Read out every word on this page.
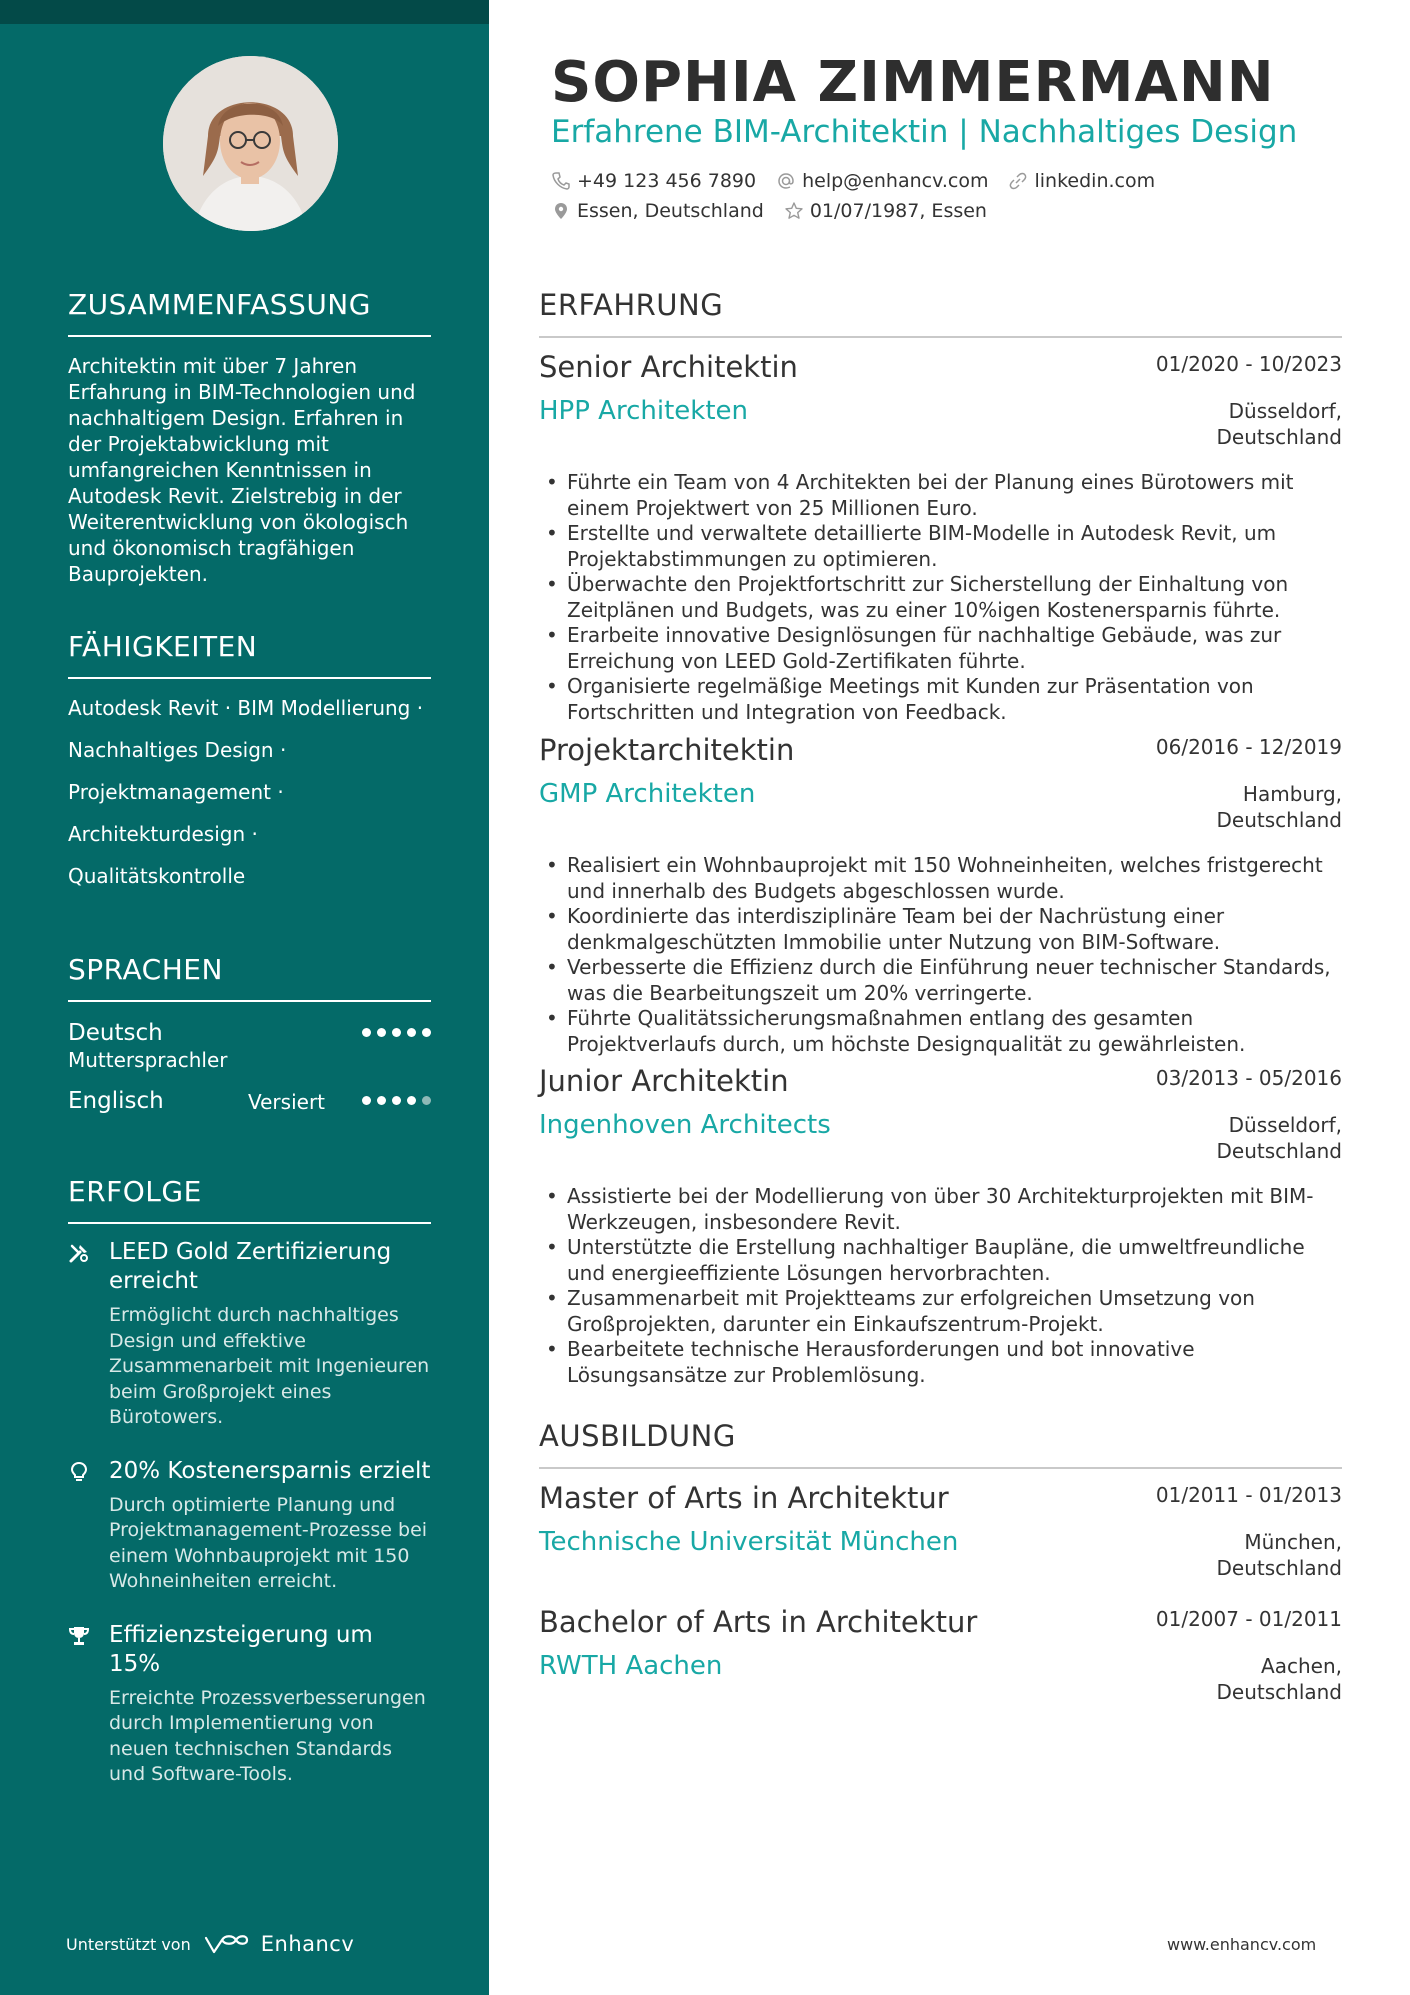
ZUSAMMENFASSUNG
Architektin mit über 7 Jahren Erfahrung in BIM-Technologien und nachhaltigem Design. Erfahren in der Projektabwicklung mit umfangreichen Kenntnissen in Autodesk Revit. Zielstrebig in der Weiterentwicklung von ökologisch und ökonomisch tragfähigen Bauprojekten.
FÄHIGKEITEN
Autodesk Revit · BIM Modellierung ·
Nachhaltiges Design ·
Projektmanagement ·
Architekturdesign ·
Qualitätskontrolle
SPRACHEN
Deutsch
Muttersprachler
Englisch	Versiert
ERFOLGE
LEED Gold Zertifizierung erreicht
Ermöglicht durch nachhaltiges Design und effektive Zusammenarbeit mit Ingenieuren beim Großprojekt eines Bürotowers.
20% Kostenersparnis erzielt
Durch optimierte Planung und Projektmanagement-Prozesse bei einem Wohnbauprojekt mit 150 Wohneinheiten erreicht.
Effizienzsteigerung um 15%
Erreichte Prozessverbesserungen durch Implementierung von neuen technischen Standards und Software-Tools.
Unterstützt von	Enhancv
SOPHIA ZIMMERMANN
Erfahrene BIM-Architektin | Nachhaltiges Design
+49 123 456 7890 help@enhancv.com linkedin.com
Essen, Deutschland 01/07/1987, Essen
ERFAHRUNG
Senior Architektin	01/2020 - 10/2023
HPP Architekten	Düsseldorf,
Deutschland
• Führte ein Team von 4 Architekten bei der Planung eines Bürotowers mit einem Projektwert von 25 Millionen Euro.
• Erstellte und verwaltete detaillierte BIM-Modelle in Autodesk Revit, um Projektabstimmungen zu optimieren.
• Überwachte den Projektfortschritt zur Sicherstellung der Einhaltung von Zeitplänen und Budgets, was zu einer 10%igen Kostenersparnis führte.
• Erarbeite innovative Designlösungen für nachhaltige Gebäude, was zur Erreichung von LEED Gold-Zertifikaten führte.
• Organisierte regelmäßige Meetings mit Kunden zur Präsentation von Fortschritten und Integration von Feedback.
Projektarchitektin	06/2016 - 12/2019
GMP Architekten	Hamburg,
Deutschland
• Realisiert ein Wohnbauprojekt mit 150 Wohneinheiten, welches fristgerecht und innerhalb des Budgets abgeschlossen wurde.
• Koordinierte das interdisziplinäre Team bei der Nachrüstung einer denkmalgeschützten Immobilie unter Nutzung von BIM-Software.
• Verbesserte die Effizienz durch die Einführung neuer technischer Standards, was die Bearbeitungszeit um 20% verringerte.
• Führte Qualitätssicherungsmaßnahmen entlang des gesamten Projektverlaufs durch, um höchste Designqualität zu gewährleisten.
Junior Architektin	03/2013 - 05/2016
Ingenhoven Architects	Düsseldorf,
Deutschland
• Assistierte bei der Modellierung von über 30 Architekturprojekten mit BIM-Werkzeugen, insbesondere Revit.
• Unterstützte die Erstellung nachhaltiger Baupläne, die umweltfreundliche und energieeffiziente Lösungen hervorbrachten.
• Zusammenarbeit mit Projektteams zur erfolgreichen Umsetzung von Großprojekten, darunter ein Einkaufszentrum-Projekt.
• Bearbeitete technische Herausforderungen und bot innovative Lösungsansätze zur Problemlösung.
AUSBILDUNG
Master of Arts in Architektur	01/2011 - 01/2013
Technische Universität München	München,
Deutschland
Bachelor of Arts in Architektur	01/2007 - 01/2011
RWTH Aachen	Aachen,
Deutschland
www.enhancv.com
